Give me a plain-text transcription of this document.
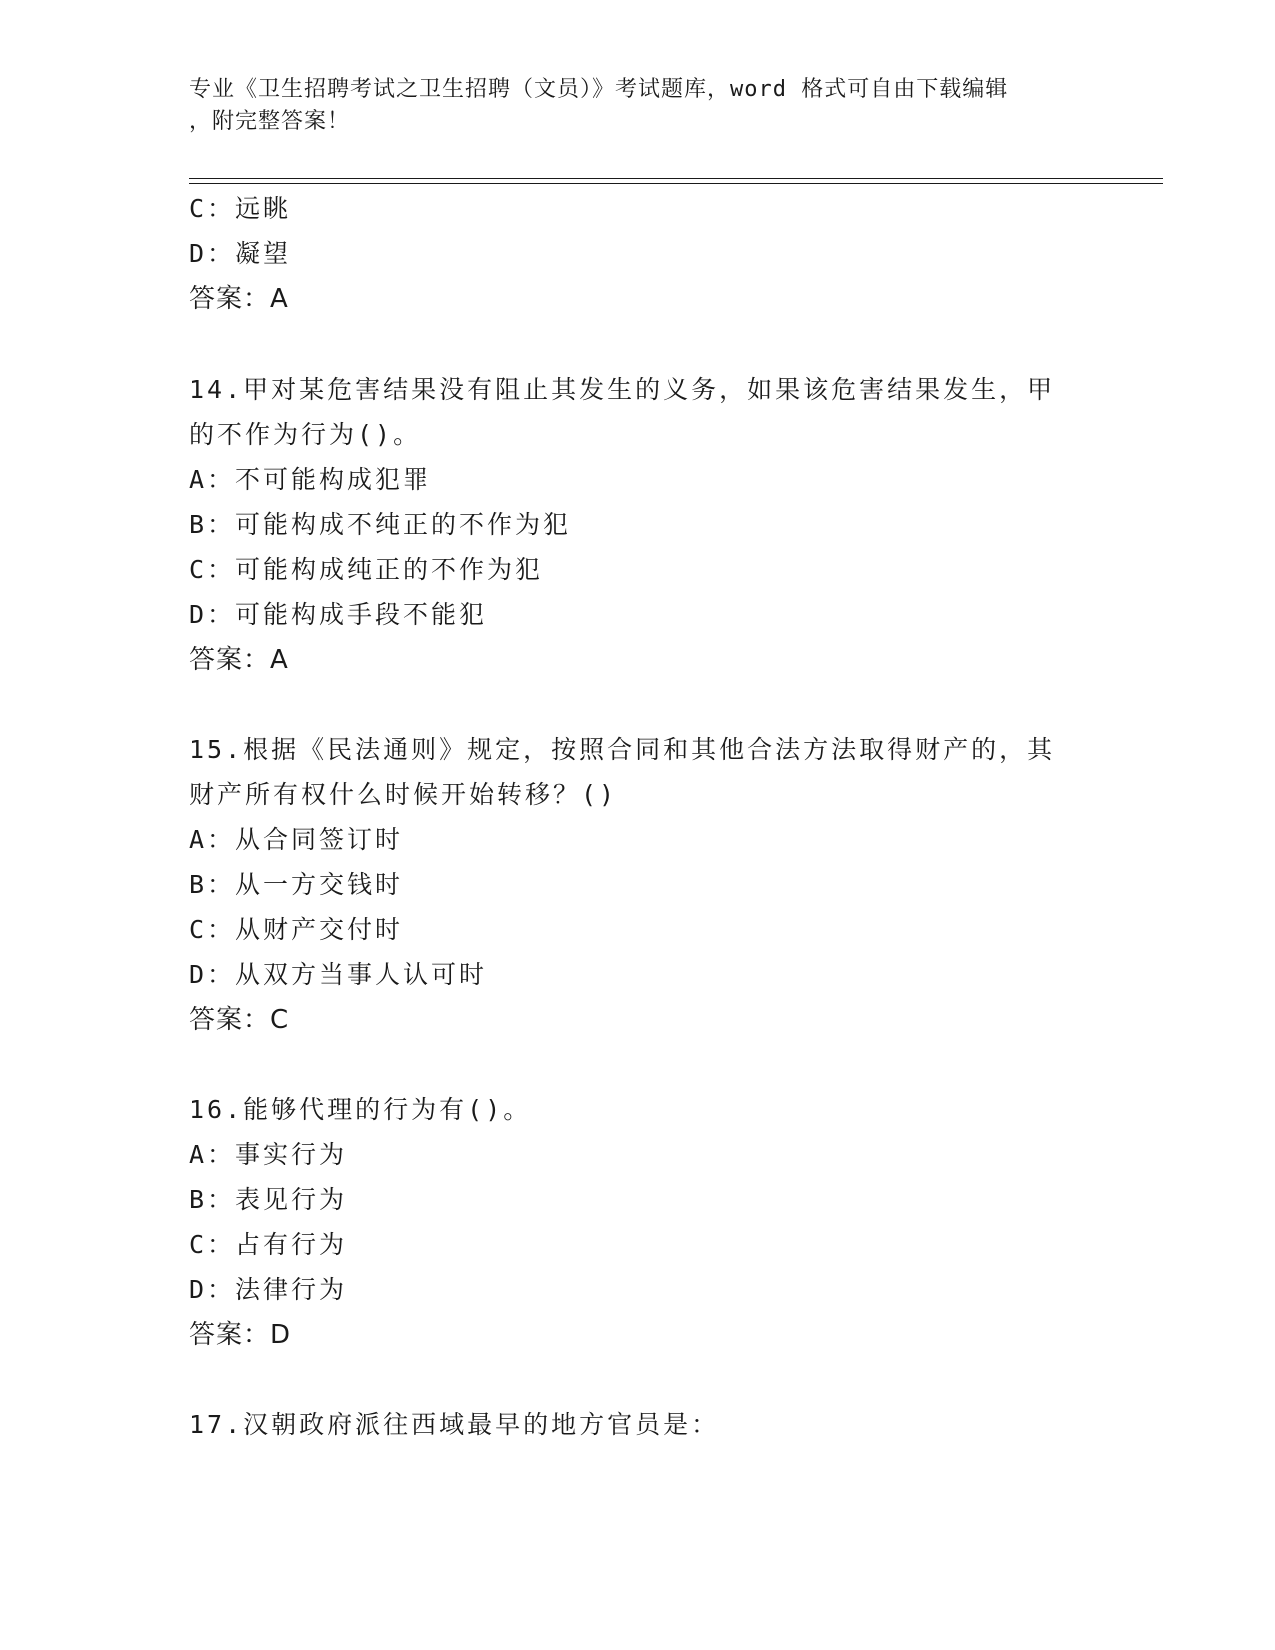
专业《卫生招聘考试之卫生招聘（文员）》考试题库，word 格式可自由下载编辑
，附完整答案！
C：远眺
D：凝望
答案：A
14.甲对某危害结果没有阻止其发生的义务，如果该危害结果发生，甲
的不作为行为()。
A：不可能构成犯罪
B：可能构成不纯正的不作为犯
C：可能构成纯正的不作为犯
D：可能构成手段不能犯
答案：A
15.根据《民法通则》规定，按照合同和其他合法方法取得财产的，其
财产所有权什么时候开始转移？()
A：从合同签订时
B：从一方交钱时
C：从财产交付时
D：从双方当事人认可时
答案：C
16.能够代理的行为有()。
A：事实行为
B：表见行为
C：占有行为
D：法律行为
答案：D
17.汉朝政府派往西域最早的地方官员是：
